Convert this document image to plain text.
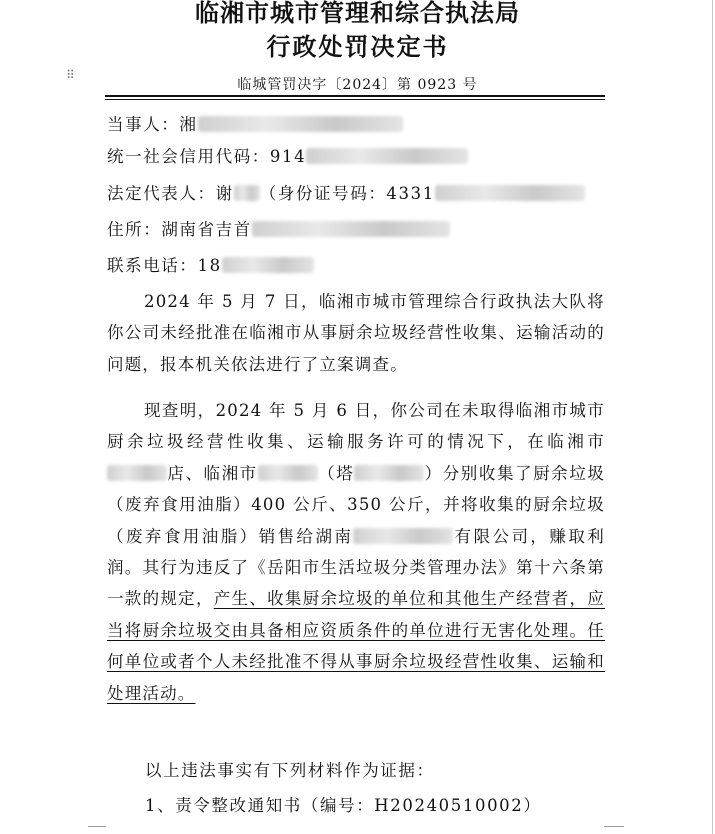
临湘市城市管理和综合执法局
行政处罚决定书
⠿
临城管罚决字〔2024〕第 0923 号
当事人：湘
统一社会信用代码：914
法定代表人：谢 （身份证号码：4331
住所：湖南省吉首
联系电话：18
2024 年 5 月 7 日，临湘市城市管理综合行政执法大队将你公司未经批准在临湘市从事厨余垃圾经营性收集、运输活动的问题，报本机关依法进行了立案调查。
现查明，2024 年 5 月 6 日，你公司在未取得临湘市城市厨余垃圾经营性收集、运输服务许可的情况下，在临湘市店、临湘市	（塔	）分别收集了厨余垃圾（废弃食用油脂）400 公斤、350 公斤，并将收集的厨余垃圾（废弃食用油脂）销售给湖南	有限公司，赚取利润。其行为违反了《岳阳市生活垃圾分类管理办法》第十六条第一款的规定，产生、收集厨余垃圾的单位和其他生产经营者，应当将厨余垃圾交由具备相应资质条件的单位进行无害化处理。任何单位或者个人未经批准不得从事厨余垃圾经营性收集、运输和处理活动。
以上违法事实有下列材料作为证据：
1、责令整改通知书（编号：H20240510002）
